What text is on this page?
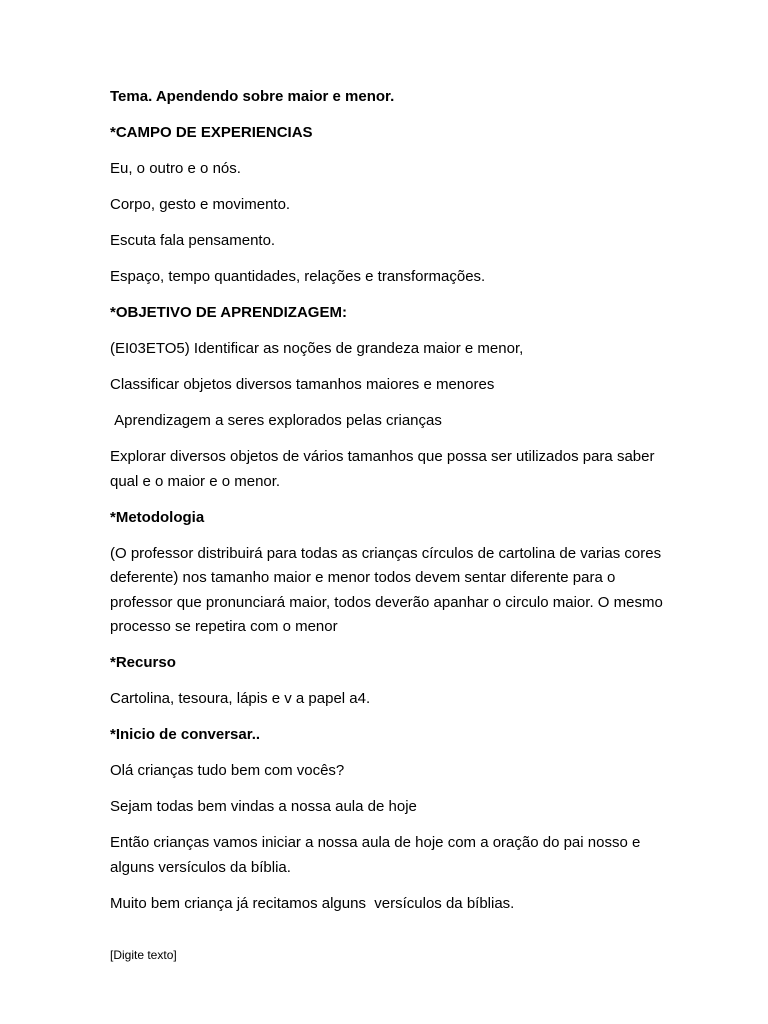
Tema. Apendendo sobre maior e menor.

*CAMPO DE EXPERIENCIAS

Eu, o outro e o nós.

Corpo, gesto e movimento.

Escuta fala pensamento.

Espaço, tempo quantidades, relações e transformações.

*OBJETIVO DE APRENDIZAGEM:

(EI03ETO5) Identificar as noções de grandeza maior e menor,

Classificar objetos diversos tamanhos maiores e menores

Aprendizagem a seres explorados pelas crianças

Explorar diversos objetos de vários tamanhos que possa ser utilizados para saber qual e o maior e o menor.

*Metodologia

(O professor distribuirá para todas as crianças círculos de cartolina de varias cores deferente) nos tamanho maior e menor todos devem sentar diferente para o professor que pronunciará maior, todos deverão apanhar o circulo maior. O mesmo processo se repetira com o menor

*Recurso

Cartolina, tesoura, lápis e v a papel a4.

*Inicio de conversar..

Olá crianças tudo bem com vocês?

Sejam todas bem vindas a nossa aula de hoje

Então crianças vamos iniciar a nossa aula de hoje com a oração do pai nosso e alguns versículos da bíblia.

Muito bem criança já recitamos alguns  versículos da bíblias.

[Digite texto]
